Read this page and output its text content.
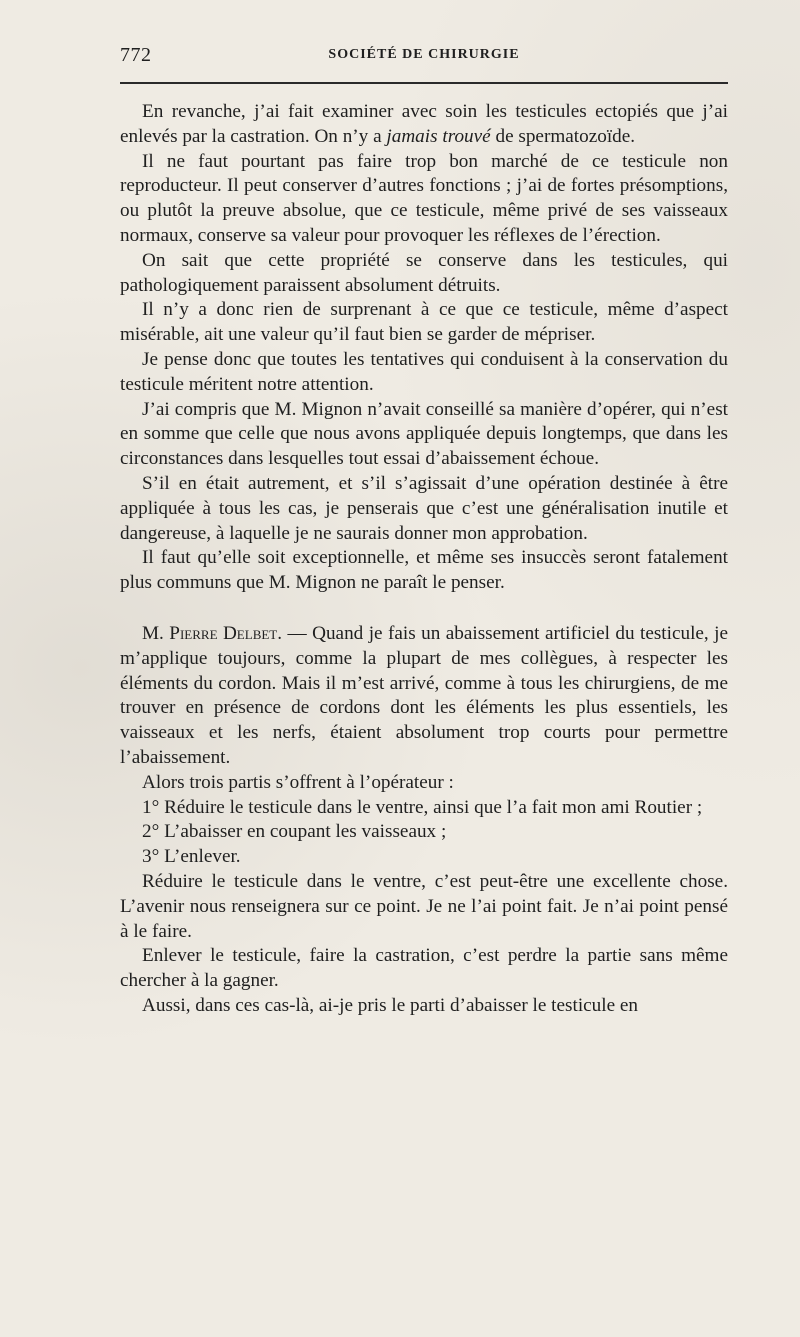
772	SOCIÉTÉ DE CHIRURGIE

En revanche, j’ai fait examiner avec soin les testicules ectopiés que j’ai enlevés par la castration. On n’y a jamais trouvé de spermatozoïde.

Il ne faut pourtant pas faire trop bon marché de ce testicule non reproducteur. Il peut conserver d’autres fonctions ; j’ai de fortes présomptions, ou plutôt la preuve absolue, que ce testicule, même privé de ses vaisseaux normaux, conserve sa valeur pour provoquer les réflexes de l’érection.

On sait que cette propriété se conserve dans les testicules, qui pathologiquement paraissent absolument détruits.

Il n’y a donc rien de surprenant à ce que ce testicule, même d’aspect misérable, ait une valeur qu’il faut bien se garder de mépriser.

Je pense donc que toutes les tentatives qui conduisent à la conservation du testicule méritent notre attention.

J’ai compris que M. Mignon n’avait conseillé sa manière d’opérer, qui n’est en somme que celle que nous avons appliquée depuis longtemps, que dans les circonstances dans lesquelles tout essai d’abaissement échoue.

S’il en était autrement, et s’il s’agissait d’une opération destinée à être appliquée à tous les cas, je penserais que c’est une généralisation inutile et dangereuse, à laquelle je ne saurais donner mon approbation.

Il faut qu’elle soit exceptionnelle, et même ses insuccès seront fatalement plus communs que M. Mignon ne paraît le penser.

M. Pierre Delbet. — Quand je fais un abaissement artificiel du testicule, je m’applique toujours, comme la plupart de mes collègues, à respecter les éléments du cordon. Mais il m’est arrivé, comme à tous les chirurgiens, de me trouver en présence de cordons dont les éléments les plus essentiels, les vaisseaux et les nerfs, étaient absolument trop courts pour permettre l’abaissement.

Alors trois partis s’offrent à l’opérateur :

1° Réduire le testicule dans le ventre, ainsi que l’a fait mon ami Routier ;

2° L’abaisser en coupant les vaisseaux ;

3° L’enlever.

Réduire le testicule dans le ventre, c’est peut-être une excellente chose. L’avenir nous renseignera sur ce point. Je ne l’ai point fait. Je n’ai point pensé à le faire.

Enlever le testicule, faire la castration, c’est perdre la partie sans même chercher à la gagner.

Aussi, dans ces cas-là, ai-je pris le parti d’abaisser le testicule en
